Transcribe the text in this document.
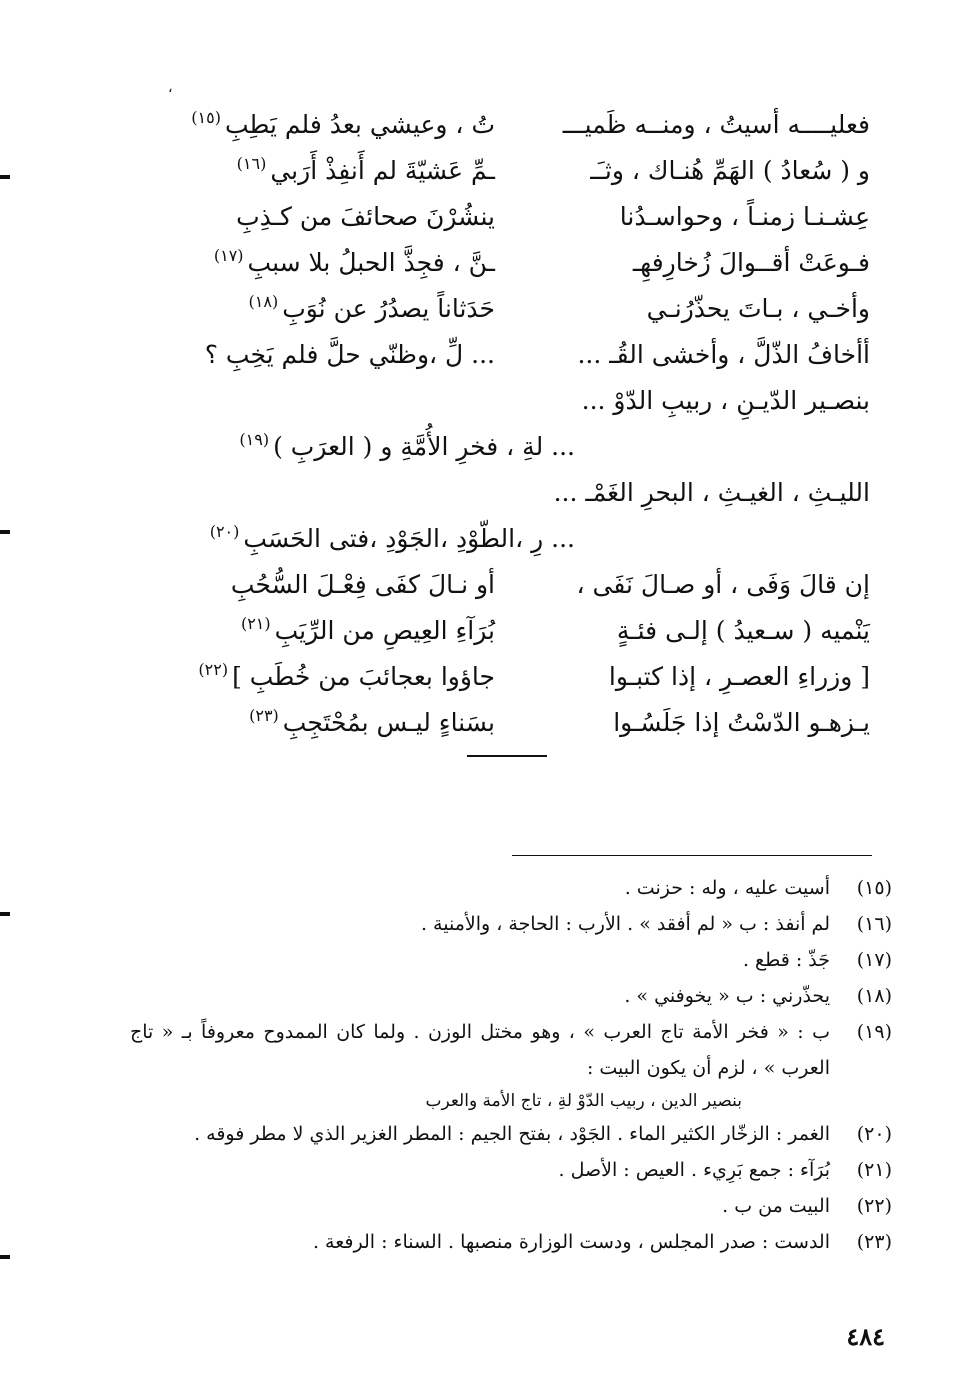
،
فعليــــه أسيتُ ، ومنــه ظَميـــ
تُ ، وعيشي بعدُ فلم يَطِبِ$^{(١٥)}$
و ( سُعادُ ) الهَمِّ هُنـاك ، وثـَـ
ـمِّ عَشيّةَ لم أَنفِذْ أَرَبي$^{(١٦)}$
عِشـنـا زمنـاً ، وحواسـدُنا
ينشُرْنَ صحائفَ من كـذِبِ
فـوعَتْ أقــوالَ زُخارِفهِـ
ـنَّ ، فجِذَّ الحبلُ بلا سببِ$^{(١٧)}$
وأخـي ، بـاتَ يحذّرُنـي
حَدَثاناً يصدُرُ عن نُوَبِ$^{(١٨)}$
أأخافُ الذّلَّ ، وأخشى القُـ ...
... لِّ ،وظنّي حلَّ فلم يَخِبِ ؟
بنصـير الدّيـنِ ، ربيبِ الدّوْ ...
... لةِ ، فخرِ الأُمَّةِ و ( العرَبِ )$^{(١٩)}$
الليـثِ ، الغيـثِ ، البحرِ الغَمْـ ...
... رِ ،الطّوْدِ ،الجَوْدِ ،فتى الحَسَبِ$^{(٢٠)}$
إن قالَ وَفَى ، أو صـالَ نَفَى ،
أو نـالَ كفَى فِعْـلَ السُّحُبِ
يَنْميه ( سـعيدُ ) إلـى فئـةٍ
بُرَآءِ العِيصِ من الرِّيَبِ$^{(٢١)}$
[ وزراءِ العصـرِ ، إذا كتبـوا
جاؤوا بعجائبَ من خُطَبِ ]$^{(٢٢)}$
يـزهـو الدّسْتُ إذا جَلَسُـوا
بسَناءٍ ليـس بمُحْتَجِبِ$^{(٢٣)}$
(١٥)
أسيت عليه ، وله : حزنت .
(١٦)
لم أنفذ : ب « لم أفقد » . الأرب : الحاجة ، والأمنية .
(١٧)
جَذّ : قطع .
(١٨)
يحذّرني : ب « يخوفني » .
(١٩)
ب : « فخر الأمة تاج العرب » ، وهو مختل الوزن . ولما كان الممدوح معروفاً بـ « تاج العرب » ، لزم أن يكون البيت :
بنصير الدين ، ربيب الدّوْ لةِ ، تاج الأمة والعرب
(٢٠)
الغمر : الزخّار الكثير الماء . الجَوْد ، بفتح الجيم : المطر الغزير الذي لا مطر فوقه .
(٢١)
بُرَآء : جمع بَرِيء . العيص : الأصل .
(٢٢)
البيت من ب .
(٢٣)
الدست : صدر المجلس ، ودست الوزارة منصبها . السناء : الرفعة .
٤٨٤
